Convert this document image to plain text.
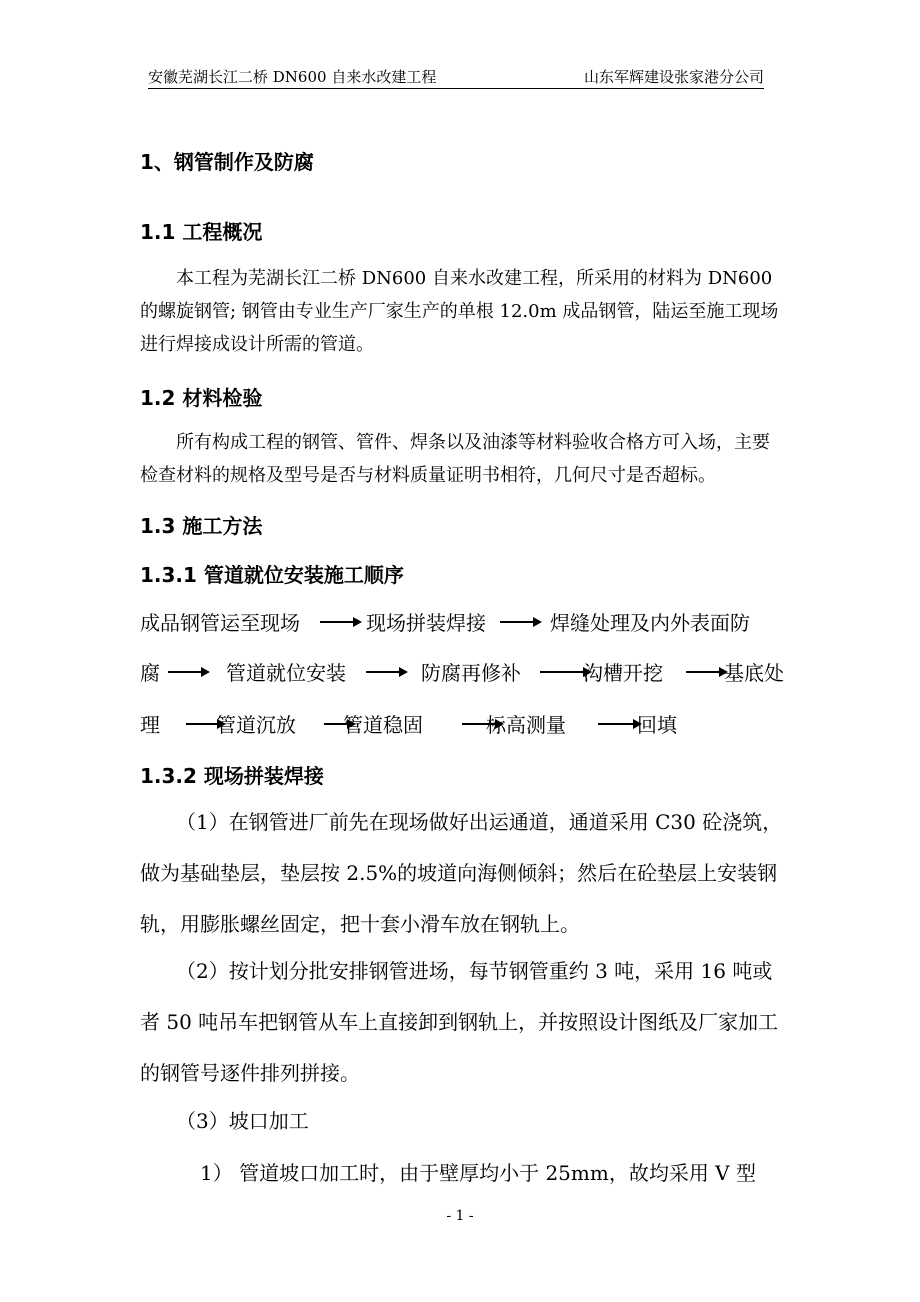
安徽芜湖长江二桥 DN600 自来水改建工程	山东军辉建设张家港分公司
1、钢管制作及防腐
1.1 工程概况
本工程为芜湖长江二桥 DN600 自来水改建工程，所采用的材料为 DN600 的螺旋钢管; 钢管由专业生产厂家生产的单根 12.0m 成品钢管，陆运至施工现场进行焊接成设计所需的管道。
1.2 材料检验
所有构成工程的钢管、管件、焊条以及油漆等材料验收合格方可入场，主要检查材料的规格及型号是否与材料质量证明书相符，几何尺寸是否超标。
1.3 施工方法
1.3.1 管道就位安装施工顺序
成品钢管运至现场	现场拼装焊接	焊缝处理及内外表面防
腐	管道就位安装	防腐再修补	沟槽开挖	基底处
理	管道沉放 管道稳固	标高测量	回填
1.3.2 现场拼装焊接
（1）在钢管进厂前先在现场做好出运通道，通道采用 C30 砼浇筑，做为基础垫层，垫层按 2.5%的坡道向海侧倾斜；然后在砼垫层上安装钢轨，用膨胀螺丝固定，把十套小滑车放在钢轨上。
（2）按计划分批安排钢管进场，每节钢管重约 3 吨，采用 16 吨或者 50 吨吊车把钢管从车上直接卸到钢轨上，并按照设计图纸及厂家加工的钢管号逐件排列拼接。
（3）坡口加工
1） 管道坡口加工时，由于壁厚均小于 25mm，故均采用 V 型
- 1 -
